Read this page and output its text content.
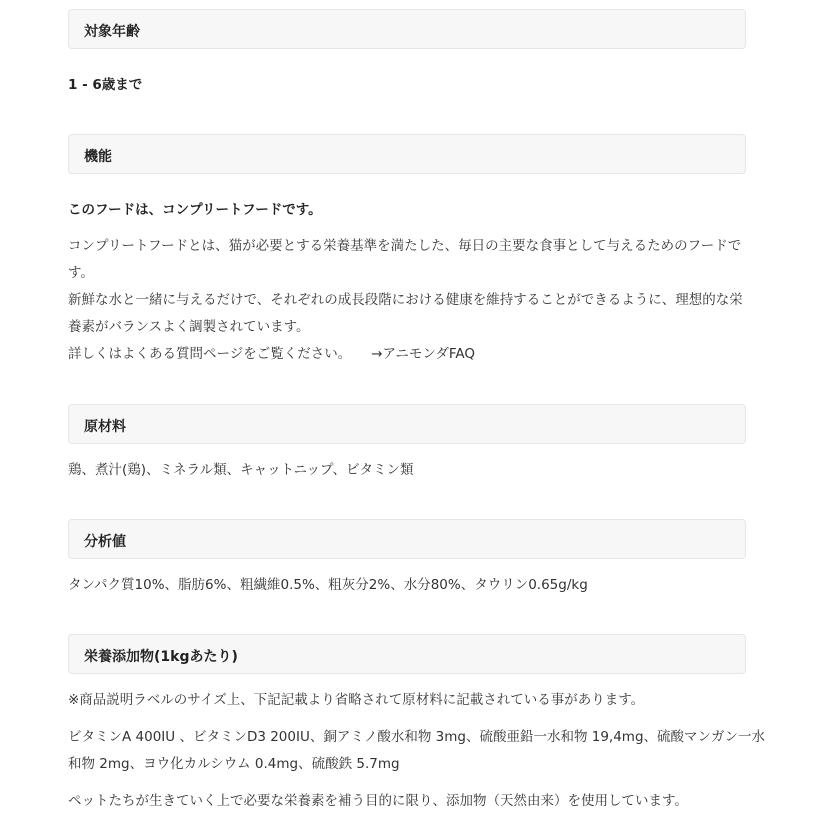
対象年齢
1 - 6歳まで
機能
このフードは、コンプリートフードです。
コンプリートフードとは、猫が必要とする栄養基準を満たした、毎日の主要な食事として与えるためのフードで
す。
新鮮な水と一緒に与えるだけで、それぞれの成長段階における健康を維持することができるように、理想的な栄
養素がバランスよく調製されています。
詳しくはよくある質問ページをご覧ください。 →アニモンダFAQ
原材料
鶏、煮汁(鶏)、ミネラル類、キャットニップ、ビタミン類
分析値
タンパク質10%、脂肪6%、粗繊維0.5%、粗灰分2%、水分80%、タウリン0.65g/kg
栄養添加物(1kgあたり)
※商品説明ラベルのサイズ上、下記記載より省略されて原材料に記載されている事があります。
ビタミンA 400IU 、ビタミンD3 200IU、銅アミノ酸水和物 3mg、硫酸亜鉛一水和物 19,4mg、硫酸マンガン一水
和物 2mg、ヨウ化カルシウム 0.4mg、硫酸鉄 5.7mg
ペットたちが生きていく上で必要な栄養素を補う目的に限り、添加物（天然由来）を使用しています。
